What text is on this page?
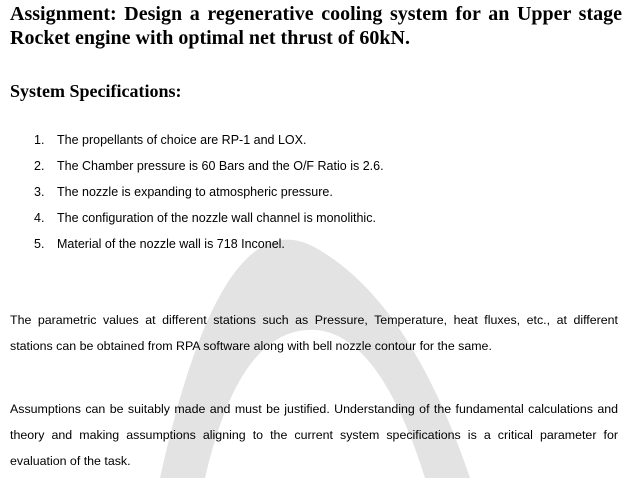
Assignment: Design a regenerative cooling system for an Upper stage Rocket engine with optimal net thrust of 60kN.
System Specifications:
1. The propellants of choice are RP-1 and LOX.
2. The Chamber pressure is 60 Bars and the O/F Ratio is 2.6.
3. The nozzle is expanding to atmospheric pressure.
4. The configuration of the nozzle wall channel is monolithic.
5. Material of the nozzle wall is 718 Inconel.

The parametric values at different stations such as Pressure, Temperature, heat fluxes, etc., at different stations can be obtained from RPA software along with bell nozzle contour for the same.

Assumptions can be suitably made and must be justified. Understanding of the fundamental calculations and theory and making assumptions aligning to the current system specifications is a critical parameter for evaluation of the task.
